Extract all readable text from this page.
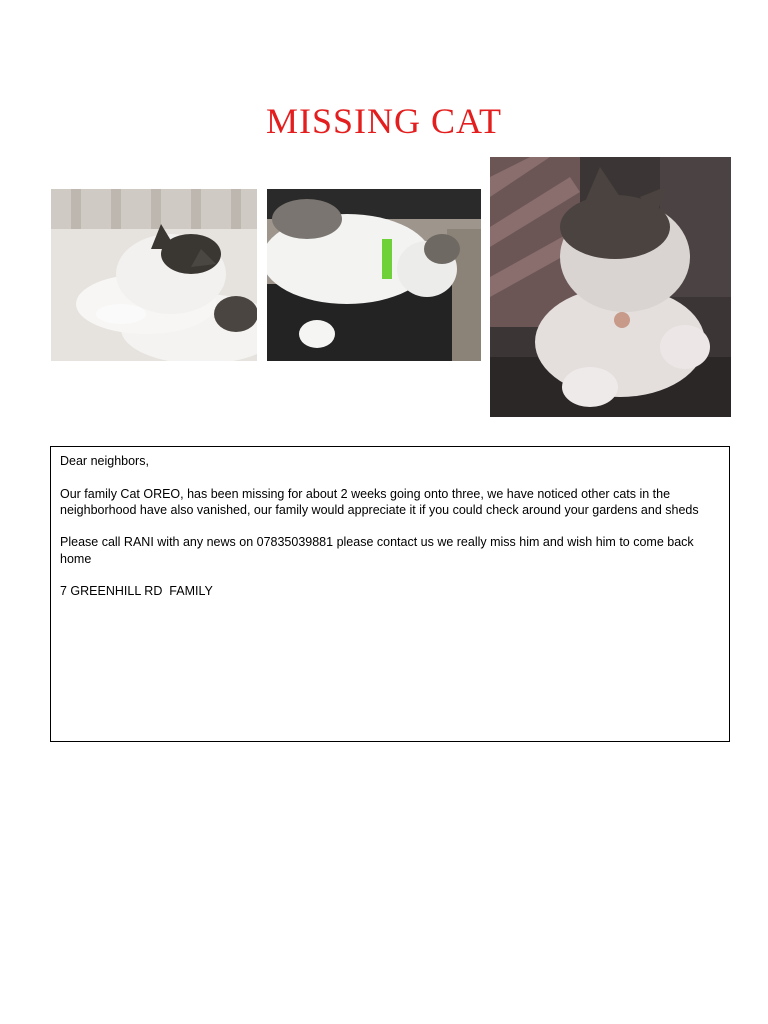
MISSING CAT

Dear neighbors,

Our family Cat OREO, has been missing for about 2 weeks going onto three, we have noticed other cats in the neighborhood have also vanished, our family would appreciate it if you could check around your gardens and sheds

Please call RANI with any news on 07835039881 please contact us we really miss him and wish him to come back home

7 GREENHILL RD  FAMILY
